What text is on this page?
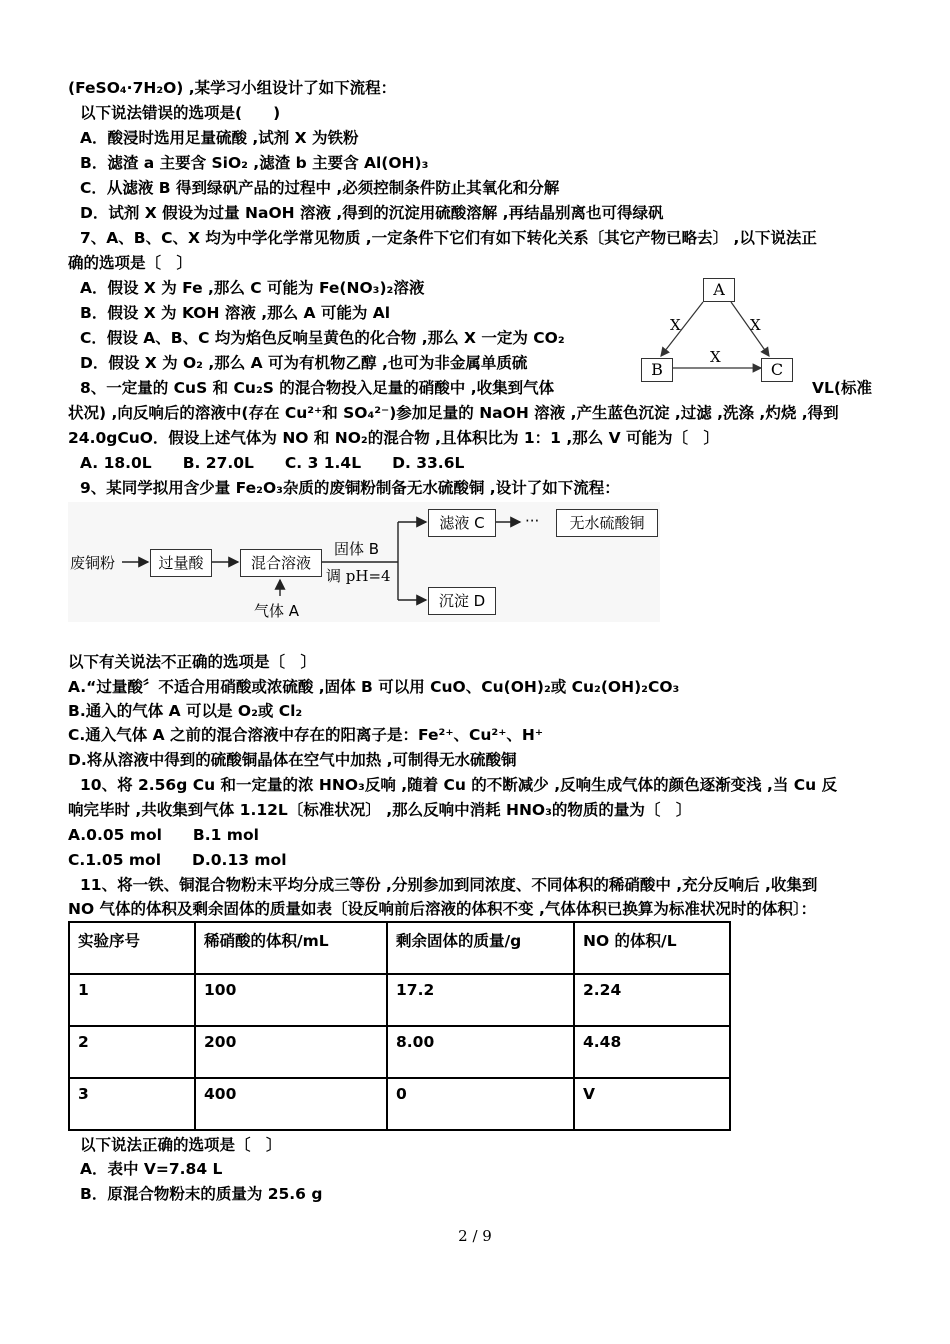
(FeSO₄·7H₂O) ,某学习小组设计了如下流程：
以下说法错误的选项是(　　)
A．酸浸时选用足量硫酸 ,试剂 X 为铁粉
B．滤渣 a 主要含 SiO₂ ,滤渣 b 主要含 Al(OH)₃
C．从滤液 B 得到绿矾产品的过程中 ,必须控制条件防止其氧化和分解
D．试剂 X 假设为过量 NaOH 溶液 ,得到的沉淀用硫酸溶解 ,再结晶别离也可得绿矾
7、A、B、C、X 均为中学化学常见物质 ,一定条件下它们有如下转化关系〔其它产物已略去〕 ,以下说法正
确的选项是〔　〕
A．假设 X 为 Fe ,那么 C 可能为 Fe(NO₃)₂溶液
B．假设 X 为 KOH 溶液 ,那么 A 可能为 Al
C．假设 A、B、C 均为焰色反响呈黄色的化合物 ,那么 X 一定为 CO₂
D．假设 X 为 O₂ ,那么 A 可为有机物乙醇 ,也可为非金属单质硫
A
B	C
X	X
X
8、一定量的 CuS 和 Cu₂S 的混合物投入足量的硝酸中 ,收集到气体	VL(标准
状况) ,向反响后的溶液中(存在 Cu²⁺和 SO₄²⁻)参加足量的 NaOH 溶液 ,产生蓝色沉淀 ,过滤 ,洗涤 ,灼烧 ,得到
24.0gCuO．假设上述气体为 NO 和 NO₂的混合物 ,且体积比为 1：1 ,那么 V 可能为〔　〕
A. 18.0L　　B. 27.0L　　C. 3 1.4L　　D. 33.6L
9、某同学拟用含少量 Fe₂O₃杂质的废铜粉制备无水硫酸铜 ,设计了如下流程：
废铜粉	过量酸	混合溶液
气体 A
固体 B
调 pH=4
滤液 C	···	无水硫酸铜
沉淀 D
以下有关说法不正确的选项是〔　〕
A.“过量酸〞不适合用硝酸或浓硫酸 ,固体 B 可以用 CuO、Cu(OH)₂或 Cu₂(OH)₂CO₃
B.通入的气体 A 可以是 O₂或 Cl₂
C.通入气体 A 之前的混合溶液中存在的阳离子是：Fe²⁺、Cu²⁺、H⁺
D.将从溶液中得到的硫酸铜晶体在空气中加热 ,可制得无水硫酸铜
10、将 2.56g Cu 和一定量的浓 HNO₃反响 ,随着 Cu 的不断减少 ,反响生成气体的颜色逐渐变浅 ,当 Cu 反
响完毕时 ,共收集到气体 1.12L〔标准状况〕 ,那么反响中消耗 HNO₃的物质的量为〔　〕
A.0.05 mol　　B.1 mol
C.1.05 mol　　D.0.13 mol
11、将一铁、铜混合物粉末平均分成三等份 ,分别参加到同浓度、不同体积的稀硝酸中 ,充分反响后 ,收集到
NO 气体的体积及剩余固体的质量如表〔设反响前后溶液的体积不变 ,气体体积已换算为标准状况时的体积〕：
实验序号	稀硝酸的体积/mL	剩余固体的质量/g	NO 的体积/L
1	100	17.2	2.24
2	200	8.00	4.48
3	400	0	V
以下说法正确的选项是〔　〕
A．表中 V=7.84 L
B．原混合物粉末的质量为 25.6 g
2 / 9
